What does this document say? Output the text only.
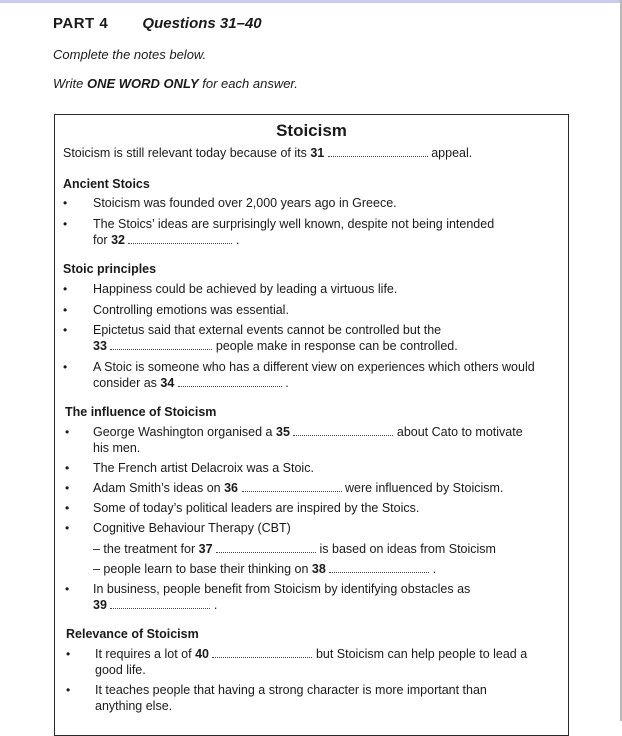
PART 4 Questions 31–40
Complete the notes below.
Write ONE WORD ONLY for each answer.
Stoicism
Stoicism is still relevant today because of its 31	appeal.
Ancient Stoics
• Stoicism was founded over 2,000 years ago in Greece.
• The Stoics’ ideas are surprisingly well known, despite not being intended
for 32	.
Stoic principles
• Happiness could be achieved by leading a virtuous life.
• Controlling emotions was essential.
• Epictetus said that external events cannot be controlled but the
33	people make in response can be controlled.
• A Stoic is someone who has a different view on experiences which others would
consider as 34	.
The influence of Stoicism
• George Washington organised a 35	about Cato to motivate
his men.
• The French artist Delacroix was a Stoic.
• Adam Smith’s ideas on 36	were influenced by Stoicism.
• Some of today’s political leaders are inspired by the Stoics.
• Cognitive Behaviour Therapy (CBT)
– the treatment for 37	is based on ideas from Stoicism
– people learn to base their thinking on 38	.
• In business, people benefit from Stoicism by identifying obstacles as
39	.
Relevance of Stoicism
• It requires a lot of 40	but Stoicism can help people to lead a
good life.
• It teaches people that having a strong character is more important than
anything else.
